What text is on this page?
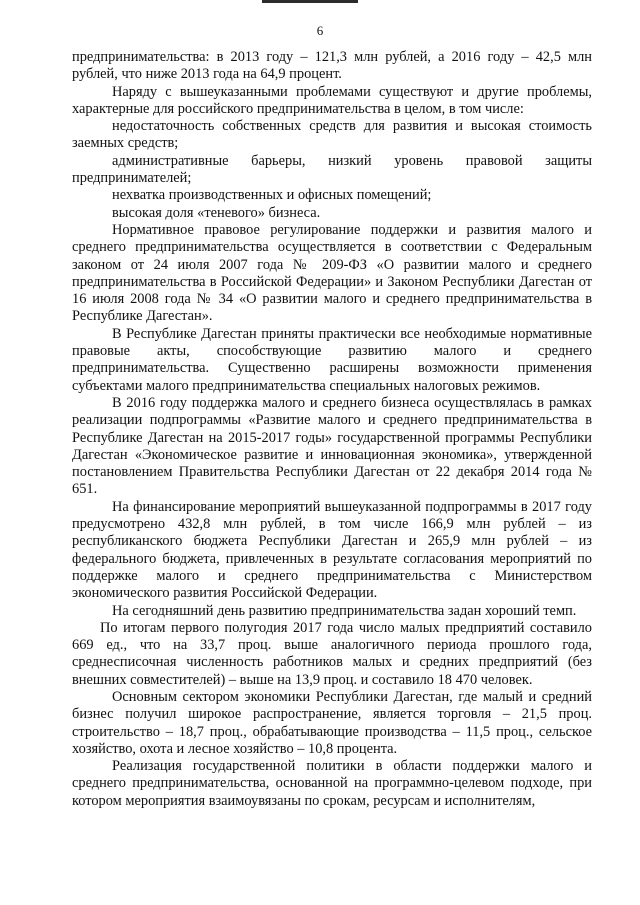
6

предпринимательства: в 2013 году – 121,3 млн рублей, а 2016 году – 42,5 млн рублей, что ниже 2013 года на 64,9 процент.

Наряду с вышеуказанными проблемами существуют и другие проблемы, характерные для российского предпринимательства в целом, в том числе:

недостаточность собственных средств для развития и высокая стоимость заемных средств;

административные барьеры, низкий уровень правовой защиты предпринимателей;

нехватка производственных и офисных помещений;

высокая доля «теневого» бизнеса.

Нормативное правовое регулирование поддержки и развития малого и среднего предпринимательства осуществляется в соответствии с Федеральным законом от 24 июля 2007 года № 209-ФЗ «О развитии малого и среднего предпринимательства в Российской Федерации» и Законом Республики Дагестан от 16 июля 2008 года № 34 «О развитии малого и среднего предпринимательства в Республике Дагестан».

В Республике Дагестан приняты практически все необходимые нормативные правовые акты, способствующие развитию малого и среднего предпринимательства. Существенно расширены возможности применения субъектами малого предпринимательства специальных налоговых режимов.

В 2016 году поддержка малого и среднего бизнеса осуществлялась в рамках реализации подпрограммы «Развитие малого и среднего предпринимательства в Республике Дагестан на 2015-2017 годы» государственной программы Республики Дагестан «Экономическое развитие и инновационная экономика», утвержденной постановлением Правительства Республики Дагестан от 22 декабря 2014 года № 651.

На финансирование мероприятий вышеуказанной подпрограммы в 2017 году предусмотрено 432,8 млн рублей, в том числе 166,9 млн рублей – из республиканского бюджета Республики Дагестан и 265,9 млн рублей – из федерального бюджета, привлеченных в результате согласования мероприятий по поддержке малого и среднего предпринимательства с Министерством экономического развития Российской Федерации.

На сегодняшний день развитию предпринимательства задан хороший темп.

По итогам первого полугодия 2017 года число малых предприятий составило 669 ед., что на 33,7 проц. выше аналогичного периода прошлого года, среднесписочная численность работников малых и средних предприятий (без внешних совместителей) – выше на 13,9 проц. и составило 18 470 человек.

Основным сектором экономики Республики Дагестан, где малый и средний бизнес получил широкое распространение, является торговля – 21,5 проц. строительство – 18,7 проц., обрабатывающие производства – 11,5 проц., сельское хозяйство, охота и лесное хозяйство – 10,8 процента.

Реализация государственной политики в области поддержки малого и среднего предпринимательства, основанной на программно-целевом подходе, при котором мероприятия взаимоувязаны по срокам, ресурсам и исполнителям,
